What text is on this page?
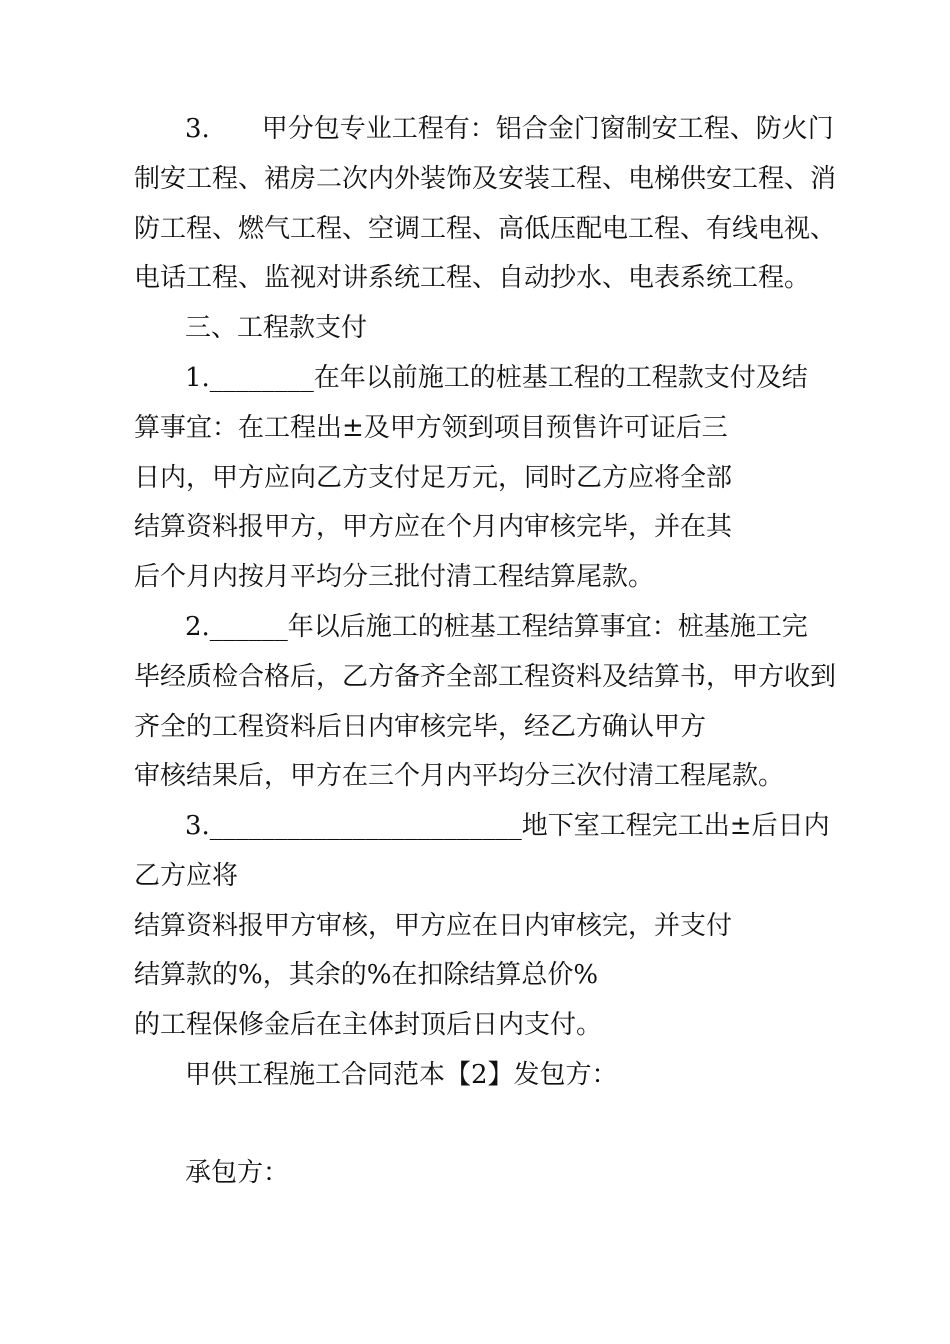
3.　　甲分包专业工程有：铝合金门窗制安工程、防火门
制安工程、裙房二次内外装饰及安装工程、电梯供安工程、消
防工程、燃气工程、空调工程、高低压配电工程、有线电视、
电话工程、监视对讲系统工程、自动抄水、电表系统工程。
三、工程款支付
1.________在年以前施工的桩基工程的工程款支付及结
算事宜：在工程出±及甲方领到项目预售许可证后三
日内，甲方应向乙方支付足万元，同时乙方应将全部
结算资料报甲方，甲方应在个月内审核完毕，并在其
后个月内按月平均分三批付清工程结算尾款。
2.______年以后施工的桩基工程结算事宜：桩基施工完
毕经质检合格后，乙方备齐全部工程资料及结算书，甲方收到
齐全的工程资料后日内审核完毕，经乙方确认甲方
审核结果后，甲方在三个月内平均分三次付清工程尾款。
3.________________________地下室工程完工出±后日内
乙方应将
结算资料报甲方审核，甲方应在日内审核完，并支付
结算款的%，其余的%在扣除结算总价%
的工程保修金后在主体封顶后日内支付。
甲供工程施工合同范本【2】发包方：
承包方：
